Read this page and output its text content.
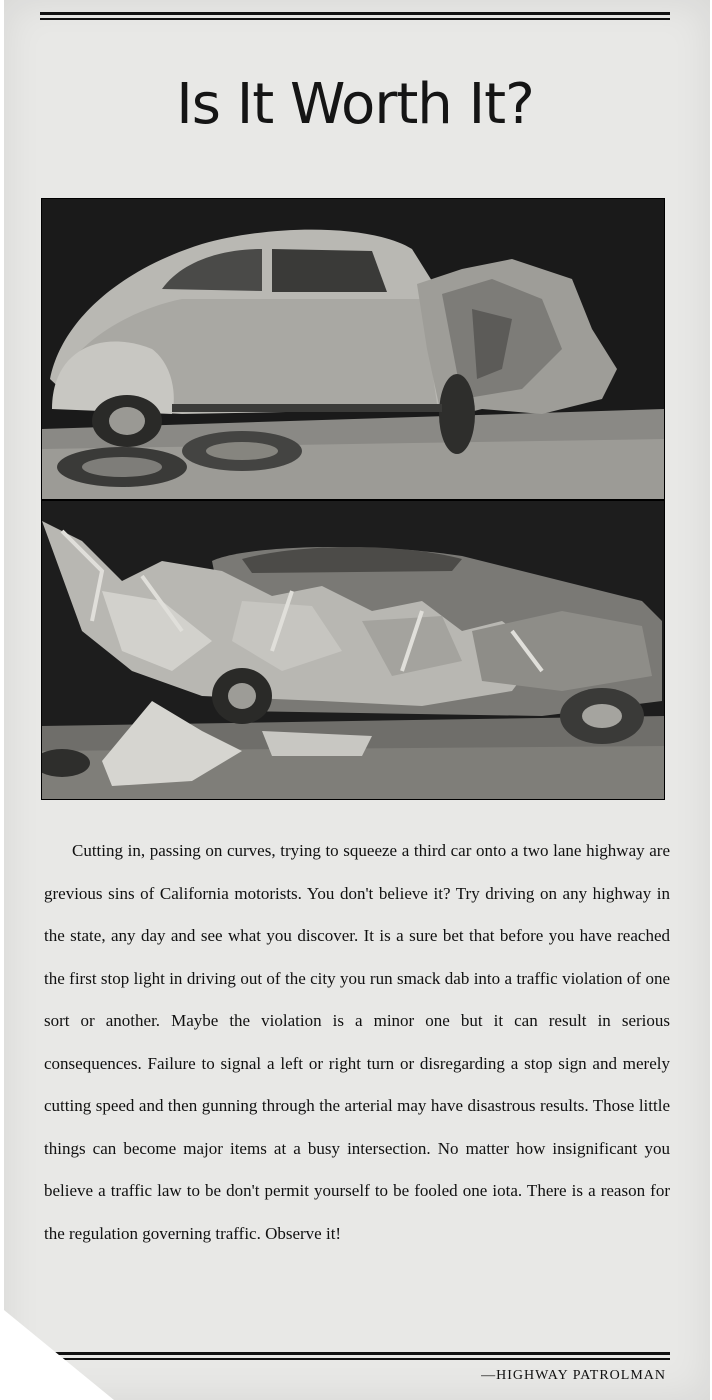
Is It Worth It?

Cutting in, passing on curves, trying to squeeze a third car onto a two lane highway are grevious sins of California motorists. You don't believe it? Try driving on any highway in the state, any day and see what you discover. It is a sure bet that before you have reached the first stop light in driving out of the city you run smack dab into a traffic violation of one sort or another. Maybe the violation is a minor one but it can result in serious consequences. Failure to signal a left or right turn or disregarding a stop sign and merely cutting speed and then gunning through the arterial may have disastrous results. Those little things can become major items at a busy intersection. No matter how insignificant you believe a traffic law to be don't permit yourself to be fooled one iota. There is a reason for the regulation governing traffic. Observe it!

—HIGHWAY PATROLMAN
